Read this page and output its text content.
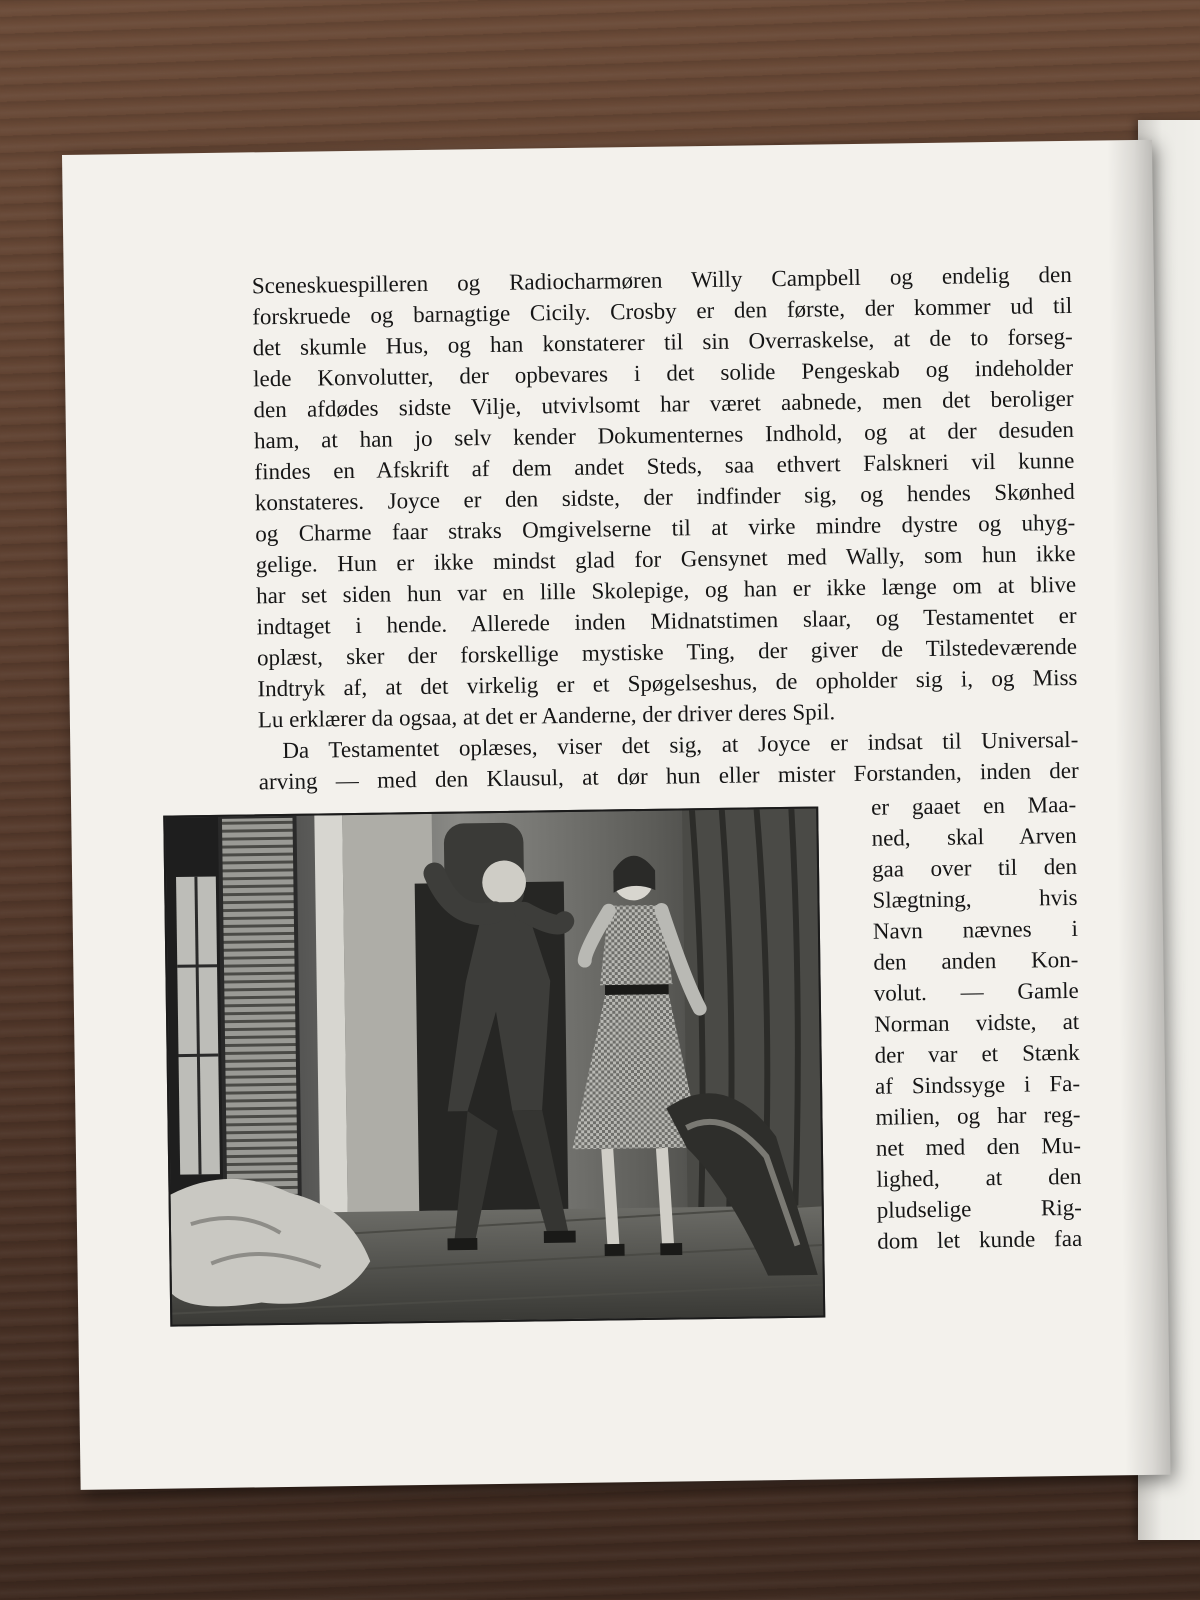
Sceneskuespilleren og Radiocharmøren Willy Campbell og endelig den
forskruede og barnagtige Cicily. Crosby er den første, der kommer ud til
det skumle Hus, og han konstaterer til sin Overraskelse, at de to forseg-
lede Konvolutter, der opbevares i det solide Pengeskab og indeholder
den afdødes sidste Vilje, utvivlsomt har været aabnede, men det beroliger
ham, at han jo selv kender Dokumenternes Indhold, og at der desuden
findes en Afskrift af dem andet Steds, saa ethvert Falskneri vil kunne
konstateres. Joyce er den sidste, der indfinder sig, og hendes Skønhed
og Charme faar straks Omgivelserne til at virke mindre dystre og uhyg-
gelige. Hun er ikke mindst glad for Gensynet med Wally, som hun ikke
har set siden hun var en lille Skolepige, og han er ikke længe om at blive
indtaget i hende. Allerede inden Midnatstimen slaar, og Testamentet er
oplæst, sker der forskellige mystiske Ting, der giver de Tilstedeværende
Indtryk af, at det virkelig er et Spøgelseshus, de opholder sig i, og Miss
Lu erklærer da ogsaa, at det er Aanderne, der driver deres Spil.
Da Testamentet oplæses, viser det sig, at Joyce er indsat til Universal-
arving — med den Klausul, at dør hun eller mister Forstanden, inden der
er gaaet en Maa-
ned, skal Arven
gaa over til den
Slægtning, hvis
Navn nævnes i
den anden Kon-
volut. — Gamle
Norman vidste, at
der var et Stænk
af Sindssyge i Fa-
milien, og har reg-
net med den Mu-
lighed, at den
pludselige Rig-
dom let kunde faa
